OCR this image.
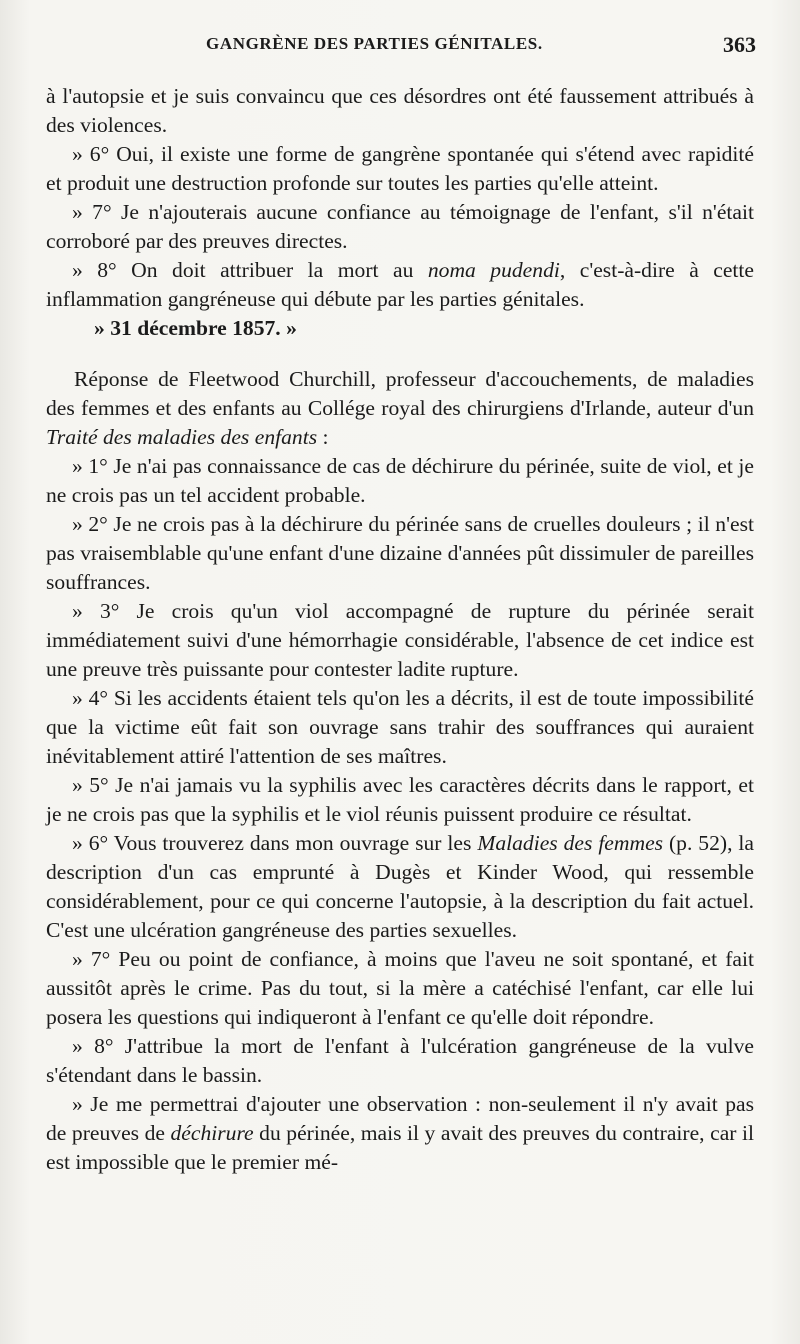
GANGRÈNE DES PARTIES GÉNITALES.	363

à l'autopsie et je suis convaincu que ces désordres ont été faussement attribués à des violences.

» 6° Oui, il existe une forme de gangrène spontanée qui s'étend avec rapidité et produit une destruction profonde sur toutes les parties qu'elle atteint.

» 7° Je n'ajouterais aucune confiance au témoignage de l'enfant, s'il n'était corroboré par des preuves directes.

» 8° On doit attribuer la mort au noma pudendi, c'est-à-dire à cette inflammation gangréneuse qui débute par les parties génitales.

» 31 décembre 1857. »

Réponse de Fleetwood Churchill, professeur d'accouchements, de maladies des femmes et des enfants au Collége royal des chirurgiens d'Irlande, auteur d'un Traité des maladies des enfants :

» 1° Je n'ai pas connaissance de cas de déchirure du périnée, suite de viol, et je ne crois pas un tel accident probable.

» 2° Je ne crois pas à la déchirure du périnée sans de cruelles douleurs ; il n'est pas vraisemblable qu'une enfant d'une dizaine d'années pût dissimuler de pareilles souffrances.

» 3° Je crois qu'un viol accompagné de rupture du périnée serait immédiatement suivi d'une hémorrhagie considérable, l'absence de cet indice est une preuve très puissante pour contester ladite rupture.

» 4° Si les accidents étaient tels qu'on les a décrits, il est de toute impossibilité que la victime eût fait son ouvrage sans trahir des souffrances qui auraient inévitablement attiré l'attention de ses maîtres.

» 5° Je n'ai jamais vu la syphilis avec les caractères décrits dans le rapport, et je ne crois pas que la syphilis et le viol réunis puissent produire ce résultat.

» 6° Vous trouverez dans mon ouvrage sur les Maladies des femmes (p. 52), la description d'un cas emprunté à Dugès et Kinder Wood, qui ressemble considérablement, pour ce qui concerne l'autopsie, à la description du fait actuel. C'est une ulcération gangréneuse des parties sexuelles.

» 7° Peu ou point de confiance, à moins que l'aveu ne soit spontané, et fait aussitôt après le crime. Pas du tout, si la mère a catéchisé l'enfant, car elle lui posera les questions qui indiqueront à l'enfant ce qu'elle doit répondre.

» 8° J'attribue la mort de l'enfant à l'ulcération gangréneuse de la vulve s'étendant dans le bassin.

» Je me permettrai d'ajouter une observation : non-seulement il n'y avait pas de preuves de déchirure du périnée, mais il y avait des preuves du contraire, car il est impossible que le premier mé-
